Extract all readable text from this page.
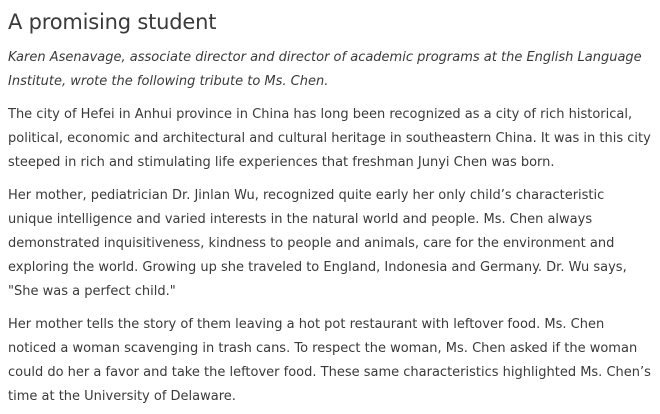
A promising student

Karen Asenavage, associate director and director of academic programs at the English Language Institute, wrote the following tribute to Ms. Chen.

The city of Hefei in Anhui province in China has long been recognized as a city of rich historical, political, economic and architectural and cultural heritage in southeastern China. It was in this city steeped in rich and stimulating life experiences that freshman Junyi Chen was born.

Her mother, pediatrician Dr. Jinlan Wu, recognized quite early her only child’s characteristic unique intelligence and varied interests in the natural world and people. Ms. Chen always demonstrated inquisitiveness, kindness to people and animals, care for the environment and exploring the world. Growing up she traveled to England, Indonesia and Germany. Dr. Wu says, "She was a perfect child."

Her mother tells the story of them leaving a hot pot restaurant with leftover food. Ms. Chen noticed a woman scavenging in trash cans. To respect the woman, Ms. Chen asked if the woman could do her a favor and take the leftover food. These same characteristics highlighted Ms. Chen’s time at the University of Delaware.
